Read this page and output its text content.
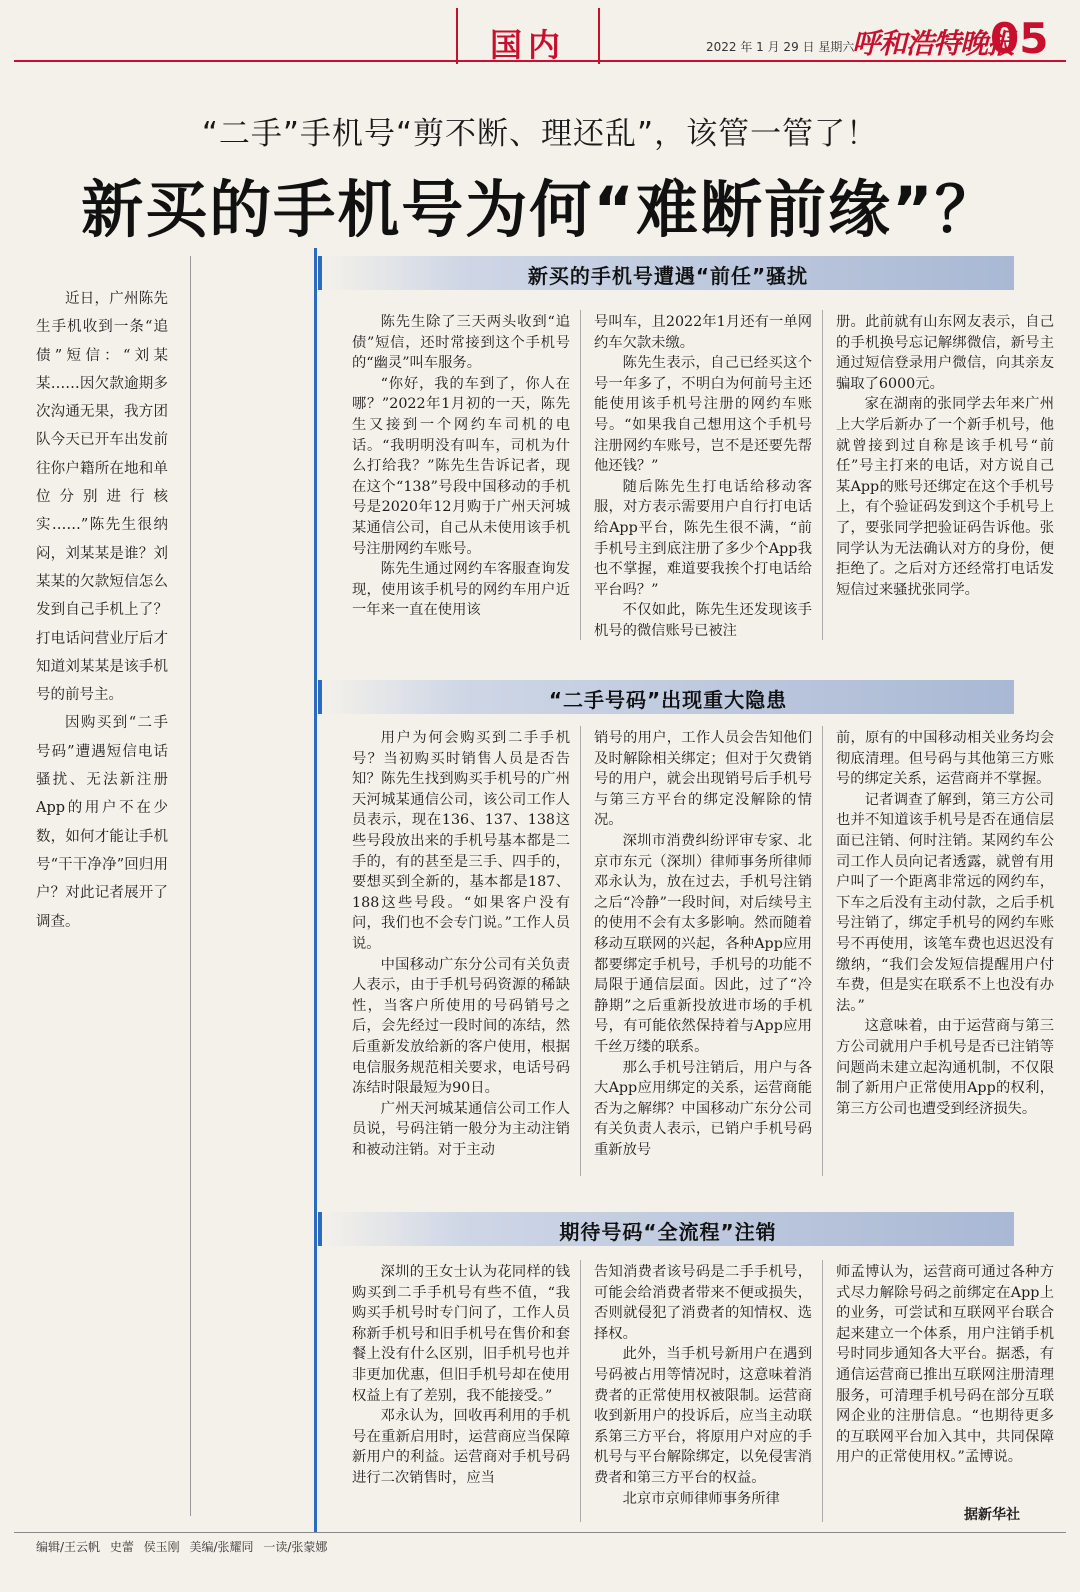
国内	2022 年 1 月 29 日 星期六
呼和浩特晚报
05
“二手”手机号“剪不断、理还乱”，该管一管了！
新买的手机号为何“难断前缘”？

近日，广州陈先生手机收到一条“追债”短信：“刘某某……因欠款逾期多次沟通无果，我方团队今天已开车出发前往你户籍所在地和单位分别进行核实……”陈先生很纳闷，刘某某是谁？刘某某的欠款短信怎么发到自己手机上了？打电话问营业厅后才知道刘某某是该手机号的前号主。

因购买到“二手号码”遭遇短信电话骚扰、无法新注册App的用户不在少数，如何才能让手机号“干干净净”回归用户？对此记者展开了调查。

新买的手机号遭遇“前任”骚扰

陈先生除了三天两头收到“追债”短信，还时常接到这个手机号的“幽灵”叫车服务。

“你好，我的车到了，你人在哪？”2022年1月初的一天，陈先生又接到一个网约车司机的电话。“我明明没有叫车，司机为什么打给我？”陈先生告诉记者，现在这个“138”号段中国移动的手机号是2020年12月购于广州天河城某通信公司，自己从未使用该手机号注册网约车账号。

陈先生通过网约车客服查询发现，使用该手机号的网约车用户近一年来一直在使用该

号叫车，且2022年1月还有一单网约车欠款未缴。

陈先生表示，自己已经买这个号一年多了，不明白为何前号主还能使用该手机号注册的网约车账号。“如果我自己想用这个手机号注册网约车账号，岂不是还要先帮他还钱？”

随后陈先生打电话给移动客服，对方表示需要用户自行打电话给App平台，陈先生很不满，“前手机号主到底注册了多少个App我也不掌握，难道要我挨个打电话给平台吗？”

不仅如此，陈先生还发现该手机号的微信账号已被注

册。此前就有山东网友表示，自己的手机换号忘记解绑微信，新号主通过短信登录用户微信，向其亲友骗取了6000元。

家在湖南的张同学去年来广州上大学后新办了一个新手机号，他就曾接到过自称是该手机号“前任”号主打来的电话，对方说自己某App的账号还绑定在这个手机号上，有个验证码发到这个手机号上了，要张同学把验证码告诉他。张同学认为无法确认对方的身份，便拒绝了。之后对方还经常打电话发短信过来骚扰张同学。

“二手号码”出现重大隐患

用户为何会购买到二手手机号？当初购买时销售人员是否告知？陈先生找到购买手机号的广州天河城某通信公司，该公司工作人员表示，现在136、137、138这些号段放出来的手机号基本都是二手的，有的甚至是三手、四手的，要想买到全新的，基本都是187、188这些号段。“如果客户没有问，我们也不会专门说。”工作人员说。

中国移动广东分公司有关负责人表示，由于手机号码资源的稀缺性，当客户所使用的号码销号之后，会先经过一段时间的冻结，然后重新发放给新的客户使用，根据电信服务规范相关要求，电话号码冻结时限最短为90日。

广州天河城某通信公司工作人员说，号码注销一般分为主动注销和被动注销。对于主动

销号的用户，工作人员会告知他们及时解除相关绑定；但对于欠费销号的用户，就会出现销号后手机号与第三方平台的绑定没解除的情况。

深圳市消费纠纷评审专家、北京市东元（深圳）律师事务所律师邓永认为，放在过去，手机号注销之后“冷静”一段时间，对后续号主的使用不会有太多影响。然而随着移动互联网的兴起，各种App应用都要绑定手机号，手机号的功能不局限于通信层面。因此，过了“冷静期”之后重新投放进市场的手机号，有可能依然保持着与App应用千丝万缕的联系。

那么手机号注销后，用户与各大App应用绑定的关系，运营商能否为之解绑？中国移动广东分公司有关负责人表示，已销户手机号码重新放号

前，原有的中国移动相关业务均会彻底清理。但号码与其他第三方账号的绑定关系，运营商并不掌握。

记者调查了解到，第三方公司也并不知道该手机号是否在通信层面已注销、何时注销。某网约车公司工作人员向记者透露，就曾有用户叫了一个距离非常远的网约车，下车之后没有主动付款，之后手机号注销了，绑定手机号的网约车账号不再使用，该笔车费也迟迟没有缴纳，“我们会发短信提醒用户付车费，但是实在联系不上也没有办法。”

这意味着，由于运营商与第三方公司就用户手机号是否已注销等问题尚未建立起沟通机制，不仅限制了新用户正常使用App的权利，第三方公司也遭受到经济损失。

期待号码“全流程”注销

深圳的王女士认为花同样的钱购买到二手手机号有些不值，“我购买手机号时专门问了，工作人员称新手机号和旧手机号在售价和套餐上没有什么区别，旧手机号也并非更加优惠，但旧手机号却在使用权益上有了差别，我不能接受。”

邓永认为，回收再利用的手机号在重新启用时，运营商应当保障新用户的利益。运营商对手机号码进行二次销售时，应当

告知消费者该号码是二手手机号，可能会给消费者带来不便或损失，否则就侵犯了消费者的知情权、选择权。

此外，当手机号新用户在遇到号码被占用等情况时，这意味着消费者的正常使用权被限制。运营商收到新用户的投诉后，应当主动联系第三方平台，将原用户对应的手机号与平台解除绑定，以免侵害消费者和第三方平台的权益。

北京市京师律师事务所律

师孟博认为，运营商可通过各种方式尽力解除号码之前绑定在App上的业务，可尝试和互联网平台联合起来建立一个体系，用户注销手机号时同步通知各大平台。据悉，有通信运营商已推出互联网注册清理服务，可清理手机号码在部分互联网企业的注册信息。“也期待更多的互联网平台加入其中，共同保障用户的正常使用权。”孟博说。

据新华社
编辑/王云帆 史蕾 侯玉刚 美编/张耀同 一读/张蒙娜
